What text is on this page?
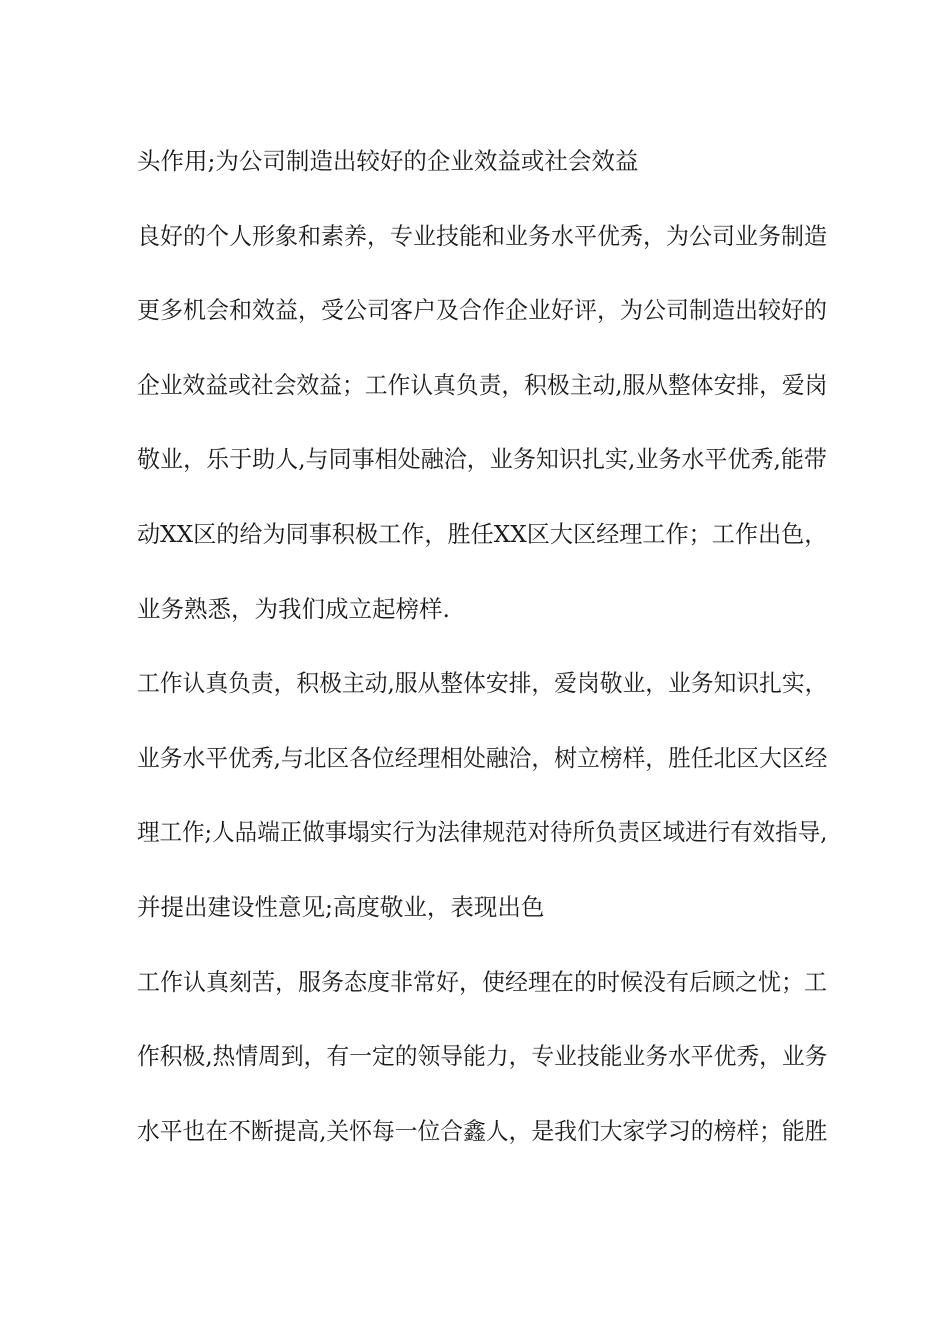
头作用;为公司制造出较好的企业效益或社会效益

良好的个人形象和素养，专业技能和业务水平优秀，为公司业务制造

更多机会和效益，受公司客户及合作企业好评，为公司制造出较好的

企业效益或社会效益；工作认真负责，积极主动,服从整体安排，爱岗

敬业，乐于助人,与同事相处融洽，业务知识扎实,业务水平优秀,能带

动XX区的给为同事积极工作，胜任XX区大区经理工作；工作出色，

业务熟悉，为我们成立起榜样.

工作认真负责，积极主动,服从整体安排，爱岗敬业，业务知识扎实，

业务水平优秀,与北区各位经理相处融洽，树立榜样，胜任北区大区经

理工作;人品端正做事塌实行为法律规范对待所负责区域进行有效指导,

并提出建设性意见;高度敬业，表现出色

工作认真刻苦，服务态度非常好，使经理在的时候没有后顾之忧；工

作积极,热情周到，有一定的领导能力，专业技能业务水平优秀，业务

水平也在不断提高,关怀每一位合鑫人，是我们大家学习的榜样；能胜
